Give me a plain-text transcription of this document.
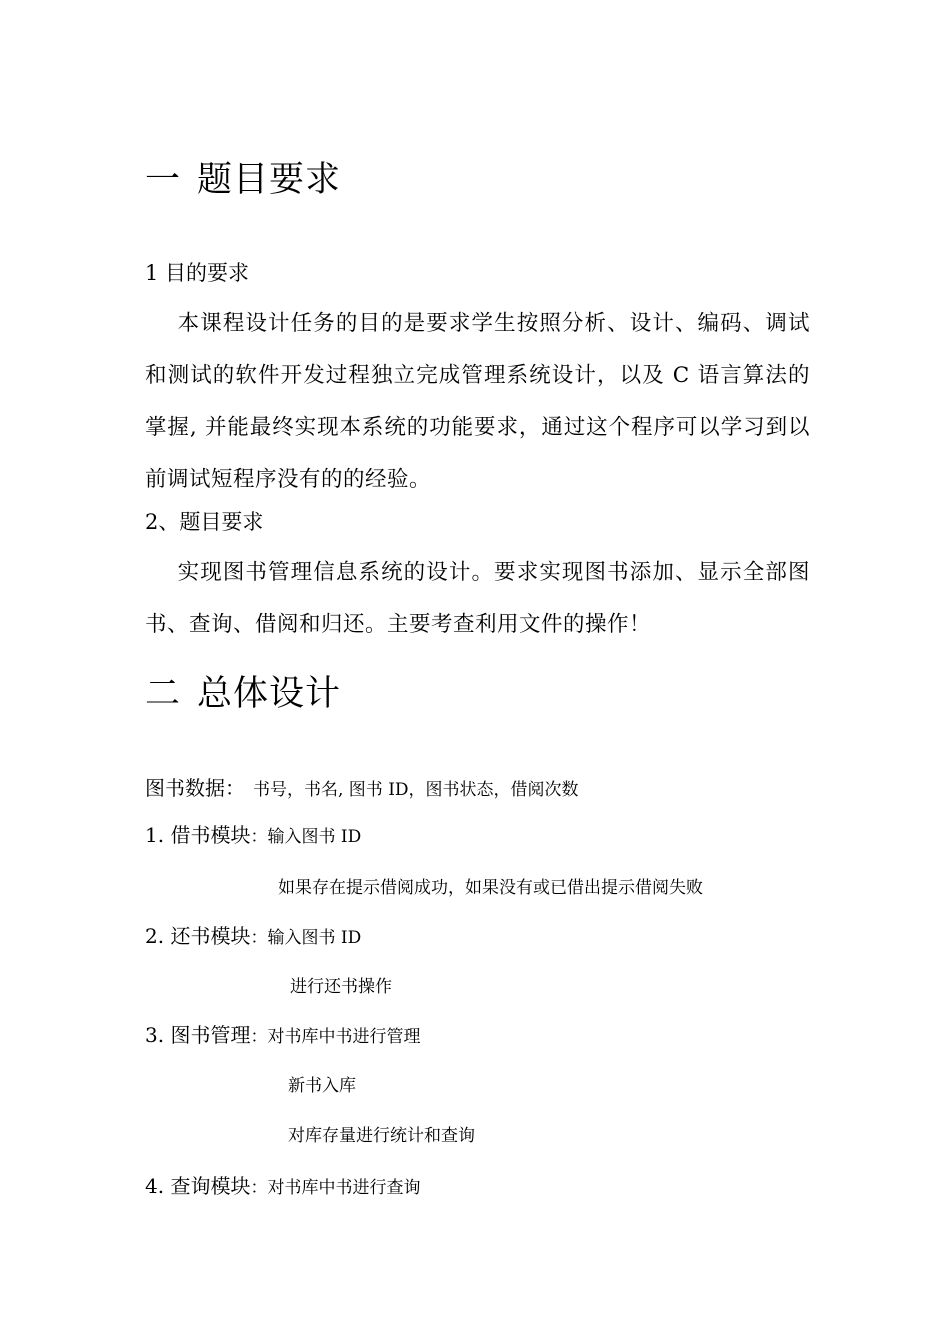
一 题目要求
1 目的要求
本课程设计任务的目的是要求学生按照分析、设计、编码、调试和测试的软件开发过程独立完成管理系统设计，以及 C 语言算法的掌握, 并能最终实现本系统的功能要求，通过这个程序可以学习到以前调试短程序没有的的经验。
2、题目要求
实现图书管理信息系统的设计。要求实现图书添加、显示全部图书、查询、借阅和归还。主要考查利用文件的操作！
二 总体设计
图书数据： 书号，书名, 图书 ID，图书状态，借阅次数
1. 借书模块：输入图书 ID
如果存在提示借阅成功，如果没有或已借出提示借阅失败
2. 还书模块：输入图书 ID
进行还书操作
3. 图书管理：对书库中书进行管理
新书入库
对库存量进行统计和查询
4. 查询模块：对书库中书进行查询
